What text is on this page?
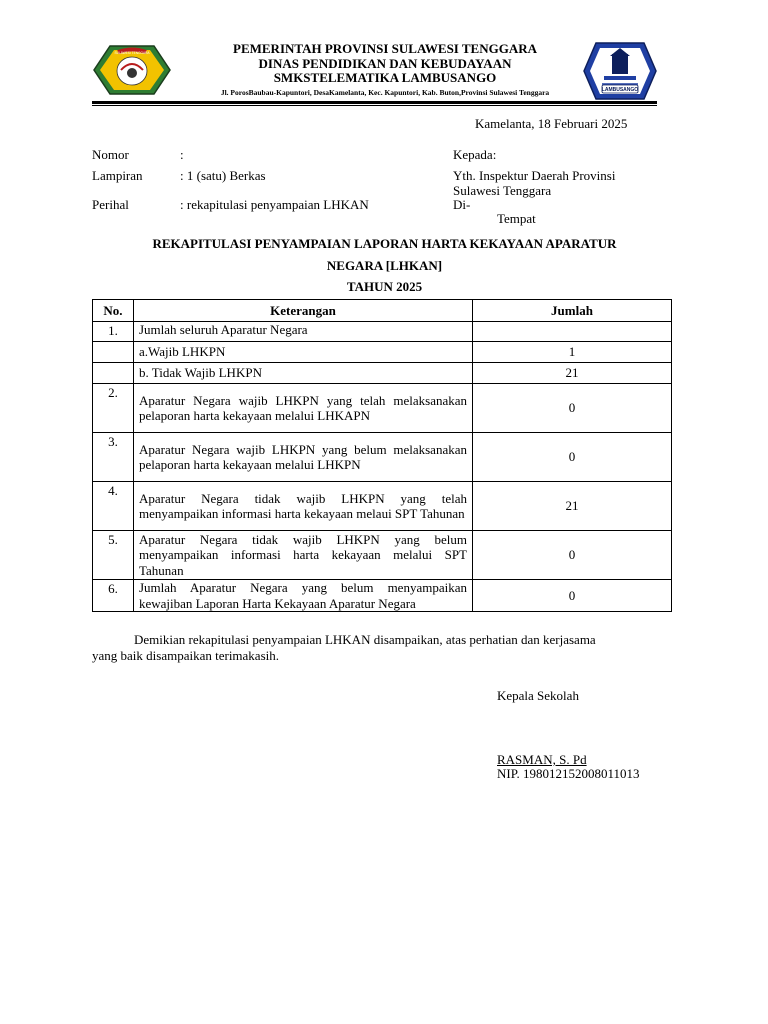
SULAWESI TENGGARA
LAMBUSANGO
PEMERINTAH PROVINSI SULAWESI TENGGARA
DINAS PENDIDIKAN DAN KEBUDAYAAN
SMKSTELEMATIKA LAMBUSANGO
Jl. PorosBaubau-Kapuntori, DesaKamelanta, Kec. Kapuntori, Kab. Buton,Provinsi Sulawesi Tenggara
Kamelanta, 18 Februari 2025
Nomor	:
Lampiran	: 1 (satu) Berkas
Perihal	: rekapitulasi penyampaian LHKAN
Kepada:
Yth. Inspektur Daerah Provinsi
Sulawesi Tenggara
Di-
Tempat
REKAPITULASI PENYAMPAIAN LAPORAN HARTA KEKAYAAN APARATUR
NEGARA [LHKAN]
TAHUN 2025
No.	Keterangan	Jumlah
1.	Jumlah seluruh Aparatur Negara	
	a.Wajib LHKPN	1
	b. Tidak Wajib LHKPN	21
2.	Aparatur Negara wajib LHKPN yang telah melaksanakan pelaporan harta kekayaan melalui LHKAPN	0
3.	Aparatur Negara wajib LHKPN yang belum melaksanakan pelaporan harta kekayaan melalui LHKPN	0
4.	Aparatur Negara tidak wajib LHKPN yang telah menyampaikan informasi harta kekayaan melaui SPT Tahunan	21
5.	Aparatur Negara tidak wajib LHKPN yang belum menyampaikan informasi harta kekayaan melalui SPT Tahunan	0
6.	Jumlah Aparatur Negara yang belum menyampaikan kewajiban Laporan Harta Kekayaan Aparatur Negara	0
Demikian rekapitulasi penyampaian LHKAN disampaikan, atas perhatian dan kerjasama
yang baik disampaikan terimakasih.
Kepala Sekolah
RASMAN, S. Pd
NIP. 198012152008011013
